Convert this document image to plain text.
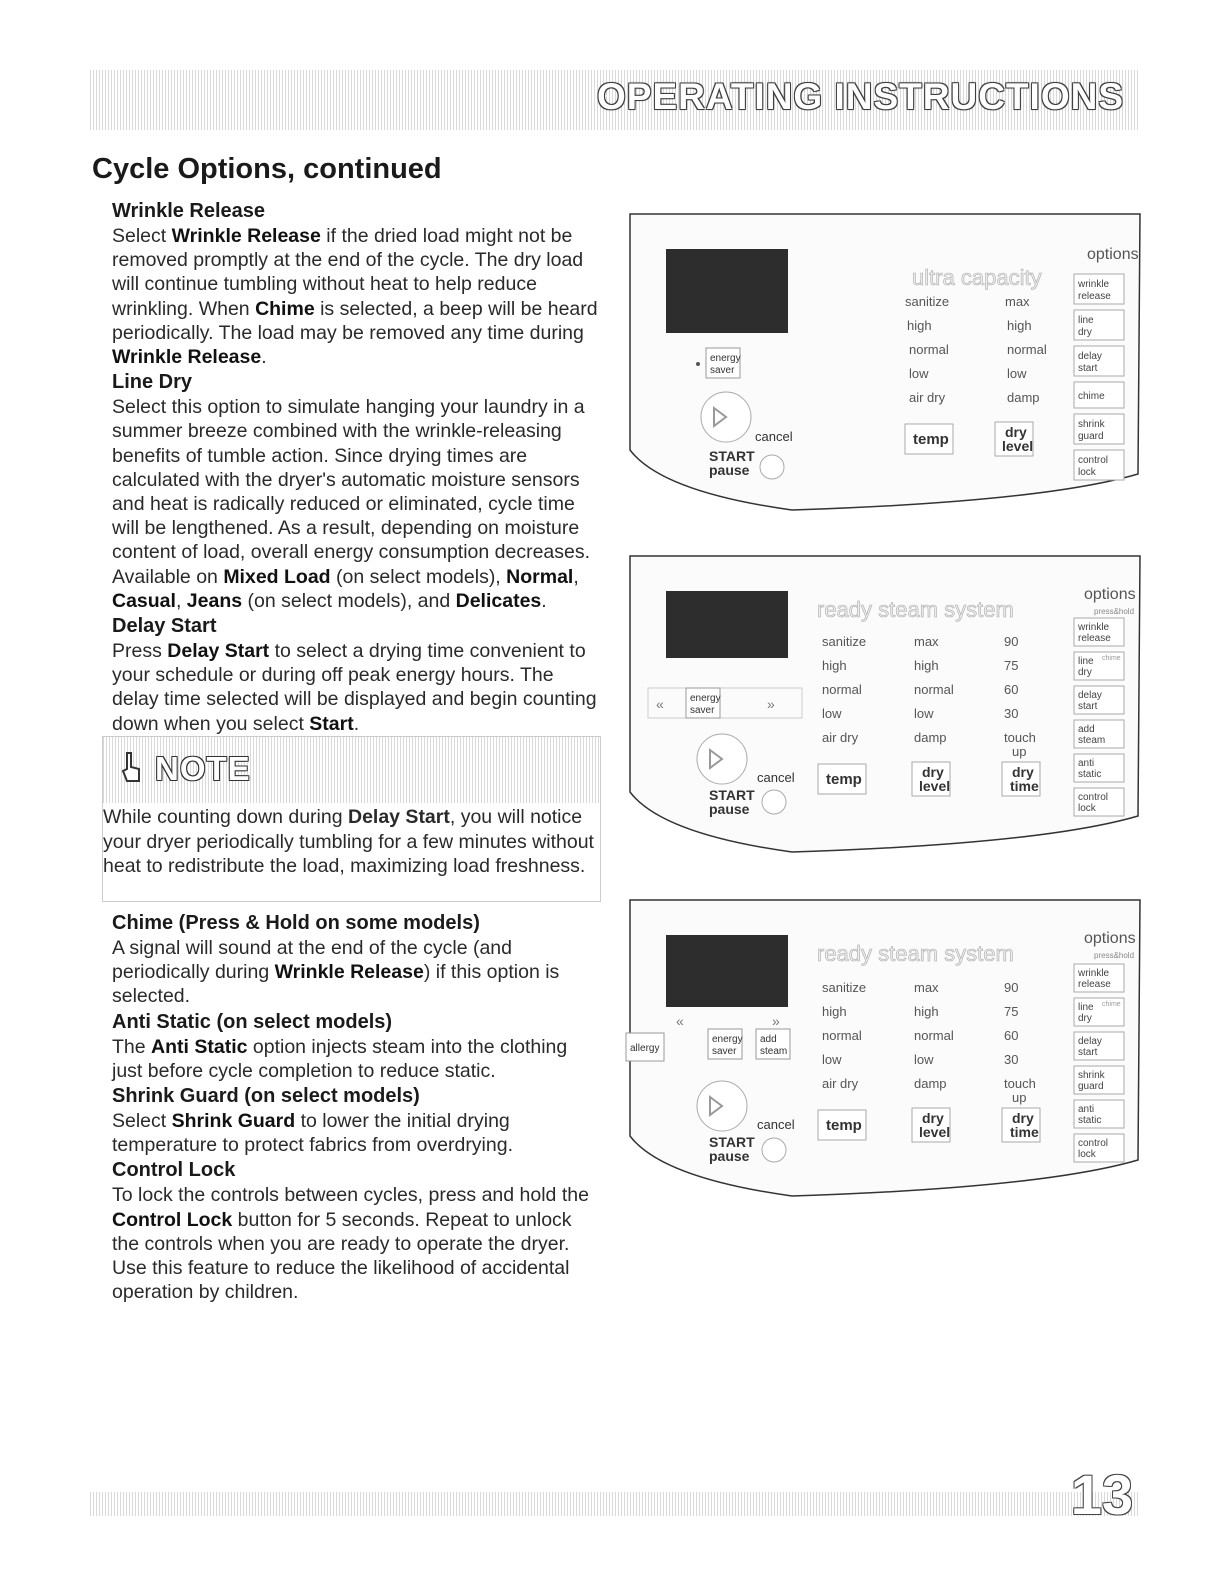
OPERATING INSTRUCTIONS
Cycle Options, continued
Wrinkle Release

Select Wrinkle Release if the dried load might not be removed promptly at the end of the cycle. The dry load will continue tumbling without heat to help reduce wrinkling. When Chime is selected, a beep will be heard periodically. The load may be removed any time during Wrinkle Release.

Line Dry

Select this option to simulate hanging your laundry in a summer breeze combined with the wrinkle-releasing benefits of tumble action. Since drying times are calculated with the dryer's automatic moisture sensors and heat is radically reduced or eliminated, cycle time will be lengthened. As a result, depending on moisture content of load, overall energy consumption decreases. Available on Mixed Load (on select models), Normal, Casual, Jeans (on select models), and Delicates.

Delay Start

Press Delay Start to select a drying time convenient to your schedule or during off peak energy hours. The delay time selected will be displayed and begin counting down when you select Start.

NOTE

While counting down during Delay Start, you will notice your dryer periodically tumbling for a few minutes without heat to redistribute the load, maximizing load freshness.

Chime (Press & Hold on some models)

A signal will sound at the end of the cycle (and periodically during Wrinkle Release) if this option is selected.

Anti Static (on select models)

The Anti Static option injects steam into the clothing just before cycle completion to reduce static.

Shrink Guard (on select models)

Select Shrink Guard to lower the initial drying temperature to protect fabrics from overdrying.

Control Lock

To lock the controls between cycles, press and hold the Control Lock button for 5 seconds. Repeat to unlock the controls when you are ready to operate the dryer. Use this feature to reduce the likelihood of accidental operation by children.

options
ultra capacity
energy
saver
cancel
START
pause
sanitize
high
normal
low
air dry
max
high
normal
low
damp
temp	dry
level
wrinkle
release
line
dry
delay
start
chime
shrink
guard
control
lock
options
press&hold
ready steam system
«	energy
saver	»
cancel
START
pause
sanitize
high
normal
low
air dry
max
high
normal
low
damp
90
75
60
30
touch
up
temp	dry
level
dry
time
wrinkle
release
line
dry
chime
delay
start
add
steam
anti
static
control
lock
options
press&hold
ready steam system
«	»
allergy
energy
saver
add
steam
cancel
START
pause
sanitize
high
normal
low
air dry
max
high
normal
low
damp
90
75
60
30
touch
up
temp	dry
level
dry
time
wrinkle
release
line
dry
chime
delay
start
shrink
guard
anti
static
control
lock
13
